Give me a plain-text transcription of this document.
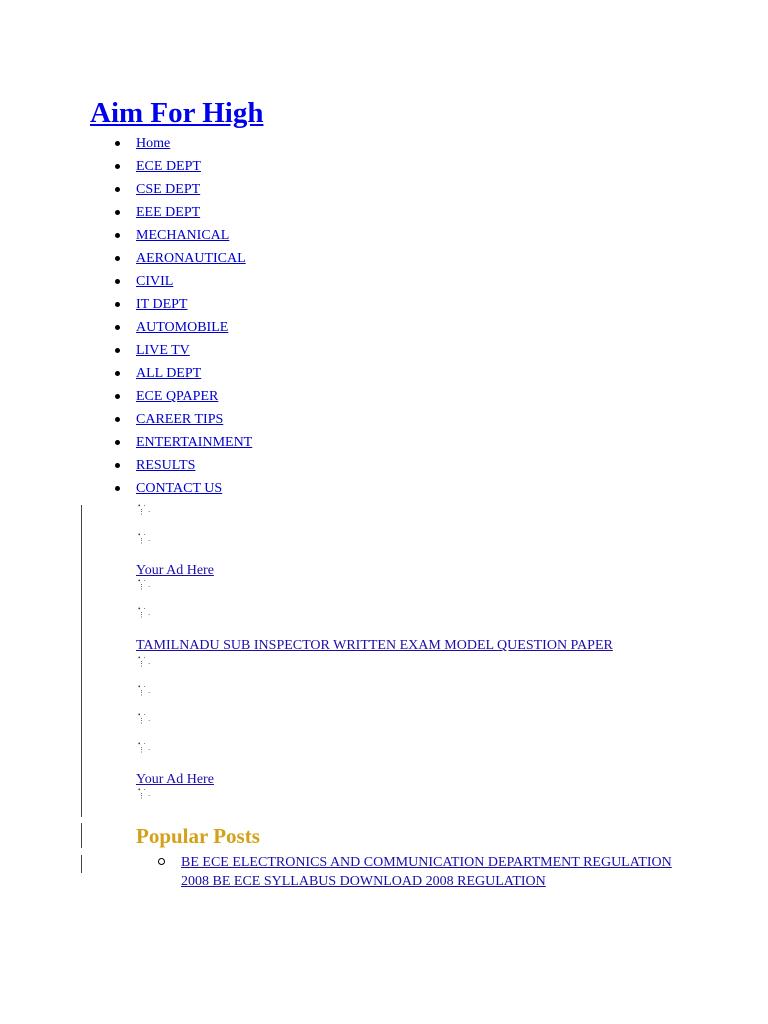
Aim For High
Home
ECE DEPT
CSE DEPT
EEE DEPT
MECHANICAL
AERONAUTICAL
CIVIL
IT DEPT
AUTOMOBILE
LIVE TV
ALL DEPT
ECE QPAPER
CAREER TIPS
ENTERTAINMENT
RESULTS
CONTACT US
•⋅
⋮⋅
•⋅
⋮⋅
Your Ad Here
•⋅
⋮⋅
•⋅
⋮⋅
TAMILNADU SUB INSPECTOR WRITTEN EXAM MODEL QUESTION PAPER
•⋅
⋮⋅
•⋅
⋮⋅
•⋅
⋮⋅
•⋅
⋮⋅
Your Ad Here
•⋅
⋮⋅
Popular Posts
BE ECE ELECTRONICS AND COMMUNICATION DEPARTMENT REGULATION 2008 BE ECE SYLLABUS DOWNLOAD 2008 REGULATION
